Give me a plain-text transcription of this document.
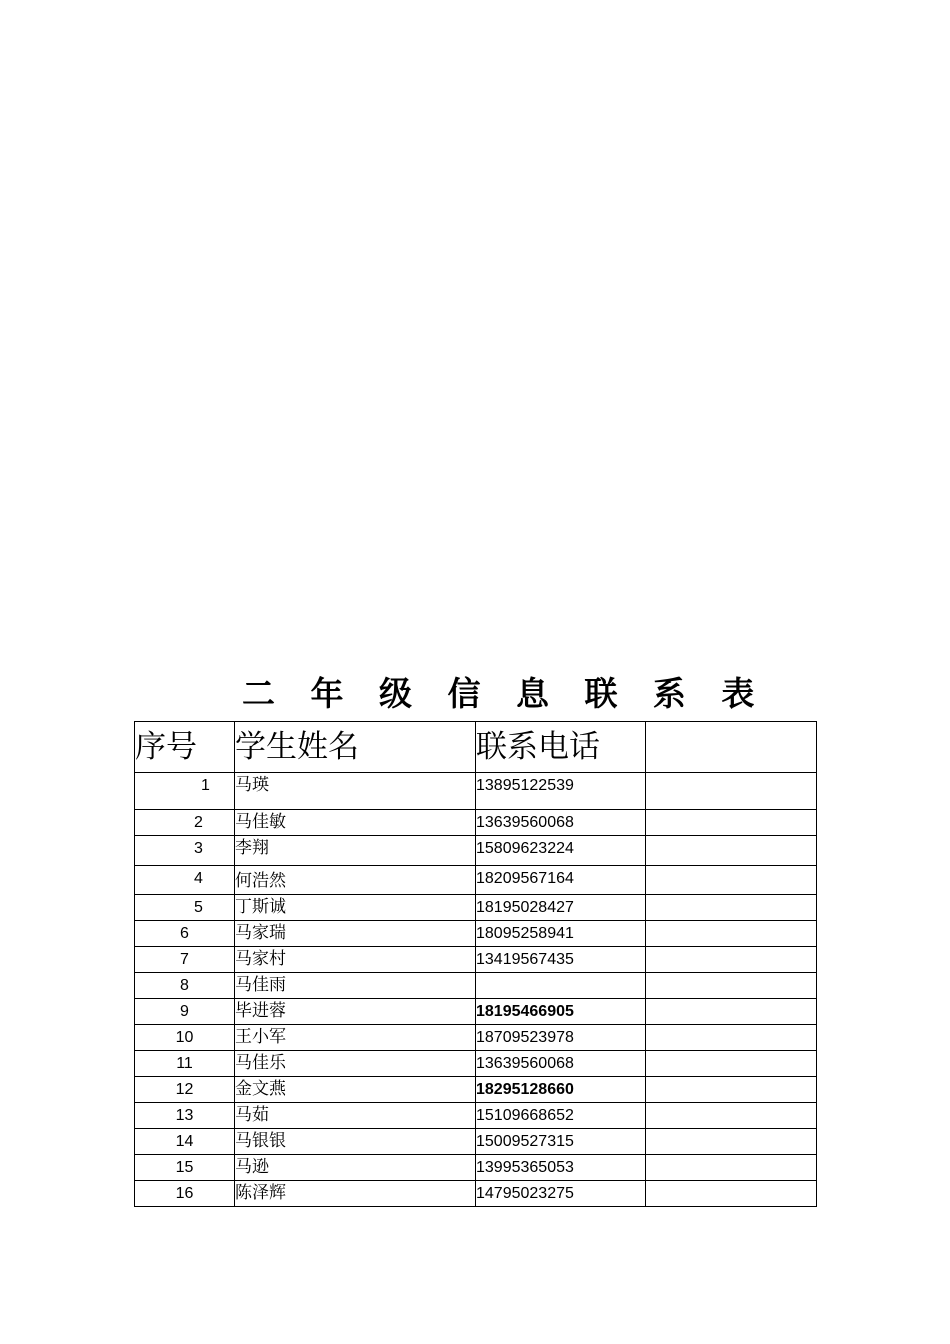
二 年 级 信 息 联 系 表
序号	学生姓名	联系电话	
1	马瑛	13895122539	
2	马佳敏	13639560068	
3	李翔	15809623224	
4	何浩然	18209567164	
5	丁斯诚	18195028427	
6	马家瑞	18095258941	
7	马家村	13419567435	
8	马佳雨		
9	毕进蓉	18195466905	
10	王小军	18709523978	
11	马佳乐	13639560068	
12	金文燕	18295128660	
13	马茹	15109668652	
14	马银银	15009527315	
15	马逊	13995365053	
16	陈泽辉	14795023275	
